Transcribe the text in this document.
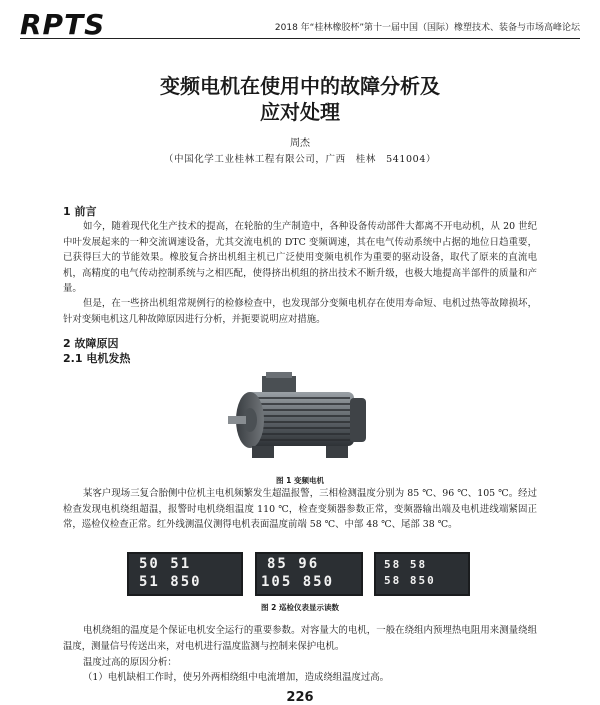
RPTS	2018 年“桂林橡胶杯”第十一届中国（国际）橡塑技术、装备与市场高峰论坛
变频电机在使用中的故障分析及
应对处理
周杰
（中国化学工业桂林工程有限公司，广西　桂林　541004）
1 前言

如今，随着现代化生产技术的提高，在轮胎的生产制造中，各种设备传动部件大都离不开电动机，从 20 世纪中叶发展起来的一种交流调速设备，尤其交流电机的 DTC 变频调速，其在电气传动系统中占据的地位日趋重要，已获得巨大的节能效果。橡胶复合挤出机组主机已广泛使用变频电机作为重要的驱动设备，取代了原来的直流电机，高精度的电气传动控制系统与之相匹配，使得挤出机组的挤出技术不断升级，也极大地提高半部件的质量和产量。

但是，在一些挤出机组常规例行的检修检查中，也发现部分变频电机存在使用寿命短、电机过热等故障损坏，针对变频电机这几种故障原因进行分析，并扼要说明应对措施。

2 故障原因
2.1 电机发热
图 1 变频电机

某客户现场三复合胎侧中位机主电机频繁发生超温报警，三相检测温度分别为 85 ℃、96 ℃、105 ℃。经过检查发现电机绕组超温，报警时电机绕组温度 110 ℃，检查变频器参数正常，变频器输出端及电机进线端紧固正常，巡检仪检查正常。红外线测温仪测得电机表面温度前端 58 ℃、中部 48 ℃、尾部 38 ℃。

50 51
51 850
85 96
105 850
58 58
58 850
图 2 巡检仪表显示读数

电机绕组的温度是个保证电机安全运行的重要参数。对容量大的电机，一般在绕组内预埋热电阻用来测量绕组温度，测量信号传送出来，对电机进行温度监测与控制来保护电机。

温度过高的原因分析：

（1）电机缺相工作时，使另外两相绕组中电流增加，造成绕组温度过高。

226
